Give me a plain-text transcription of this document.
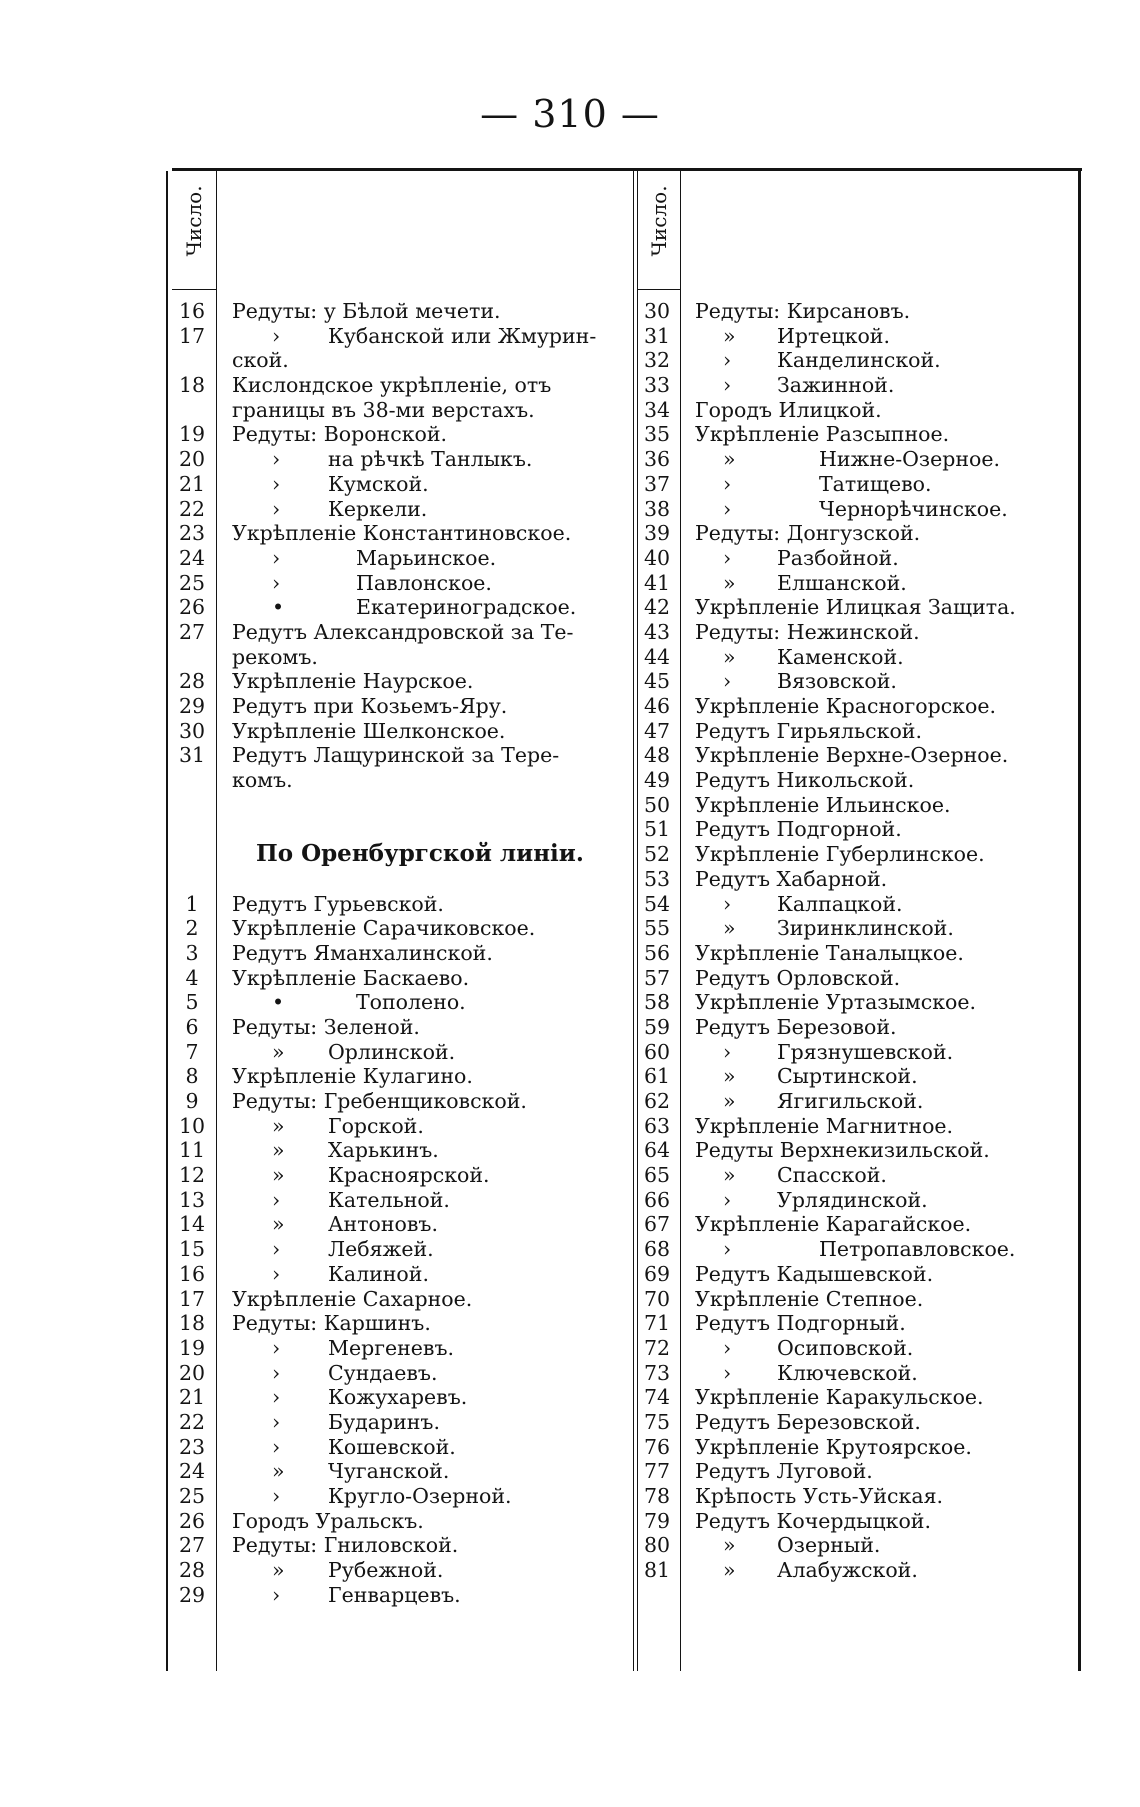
— 310 —
Число.	Число.
16	Редуты: у Бѣлой мечети.
17	› Кубанской или Жмурин-
ской.
18	Кислондское укрѣпленіе, отъ
границы въ 38-ми верстахъ.
19	Редуты: Воронской.
20	› на рѣчкѣ Танлыкъ.
21	› Кумской.
22	› Керкели.
23	Укрѣпленіе Константиновское.
24	›	Марьинское.
25	›	Павлонское.
26	•	Екатериноградское.
27	Редутъ Александровской за Те-
рекомъ.
28	Укрѣпленіе Наурское.
29	Редутъ при Козьемъ-Яру.
30	Укрѣпленіе Шелконское.
31	Редутъ Лащуринской за Тере-
комъ.
По Оренбургской линіи.
1	Редутъ Гурьевской.
2	Укрѣпленіе Сарачиковское.
3	Редутъ Яманхалинской.
4	Укрѣпленіе Баскаево.
5	•	Тополено.
6	Редуты: Зеленой.
7	» Орлинской.
8	Укрѣпленіе Кулагино.
9	Редуты: Гребенщиковской.
10	» Горской.
11	» Харькинъ.
12	» Красноярской.
13	› Кательной.
14	» Антоновъ.
15	› Лебяжей.
16	› Калиной.
17	Укрѣпленіе Сахарное.
18	Редуты: Каршинъ.
19	› Мергеневъ.
20	› Сундаевъ.
21	› Кожухаревъ.
22	› Бударинъ.
23	› Кошевской.
24	» Чуганской.
25	› Кругло-Озерной.
26	Городъ Уральскъ.
27	Редуты: Гниловской.
28	» Рубежной.
29	› Генварцевъ.
30	Редуты: Кирсановъ.
31	» Иртецкой.
32	› Канделинской.
33	› Зажинной.
34	Городъ Илицкой.
35	Укрѣпленіе Разсыпное.
36	»	Нижне-Озерное.
37	›	Татищево.
38	›	Чернорѣчинское.
39	Редуты: Донгузской.
40	› Разбойной.
41	» Елшанской.
42	Укрѣпленіе Илицкая Защита.
43	Редуты: Нежинской.
44	» Каменской.
45	› Вязовской.
46	Укрѣпленіе Красногорское.
47	Редутъ Гирьяльской.
48	Укрѣпленіе Верхне-Озерное.
49	Редутъ Никольской.
50	Укрѣпленіе Ильинское.
51	Редутъ Подгорной.
52	Укрѣпленіе Губерлинское.
53	Редутъ Хабарной.
54	› Калпацкой.
55	» Зиринклинской.
56	Укрѣпленіе Таналыцкое.
57	Редутъ Орловской.
58	Укрѣпленіе Уртазымское.
59	Редутъ Березовой.
60	› Грязнушевской.
61	» Сыртинской.
62	» Ягигильской.
63	Укрѣпленіе Магнитное.
64	Редуты Верхнекизильской.
65	» Спасской.
66	› Урлядинской.
67	Укрѣпленіе Карагайское.
68	›	Петропавловское.
69	Редутъ Кадышевской.
70	Укрѣпленіе Степное.
71	Редутъ Подгорный.
72	› Осиповской.
73	› Ключевской.
74	Укрѣпленіе Каракульское.
75	Редутъ Березовской.
76	Укрѣпленіе Крутоярское.
77	Редутъ Луговой.
78	Крѣпость Усть-Уйская.
79	Редутъ Кочердыцкой.
80	» Озерный.
81	» Алабужской.
